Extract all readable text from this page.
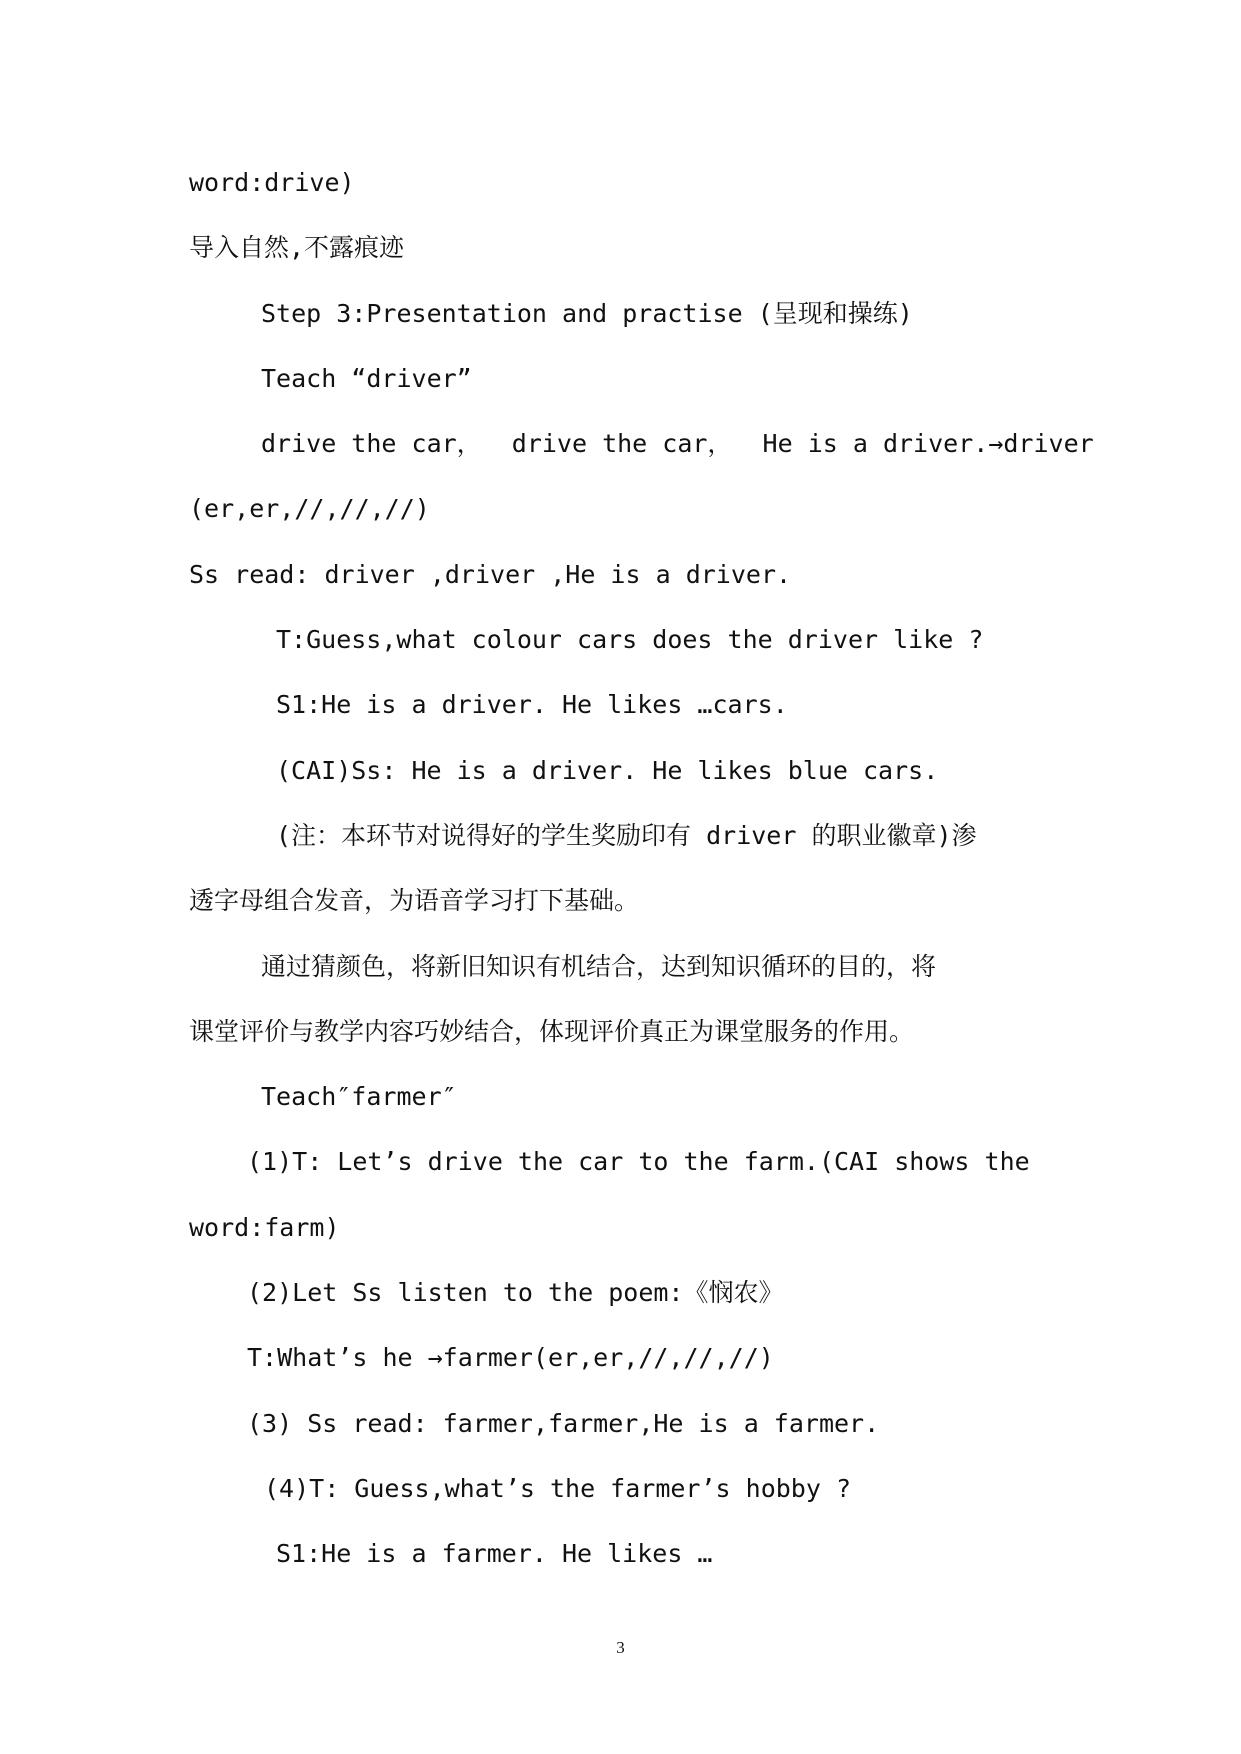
word:drive)
导入自然,不露痕迹
Step 3:Presentation and practise (呈现和操练)
Teach “driver”
drive the car，  drive the car，  He is a driver.→driver
(er,er,//,//,//)
Ss read: driver ,driver ,He is a driver.
T:Guess,what colour cars does the driver like ?
S1:He is a driver. He likes …cars.
(CAI)Ss: He is a driver. He likes blue cars.
(注：本环节对说得好的学生奖励印有 driver 的职业徽章)渗
透字母组合发音，为语音学习打下基础。
通过猜颜色，将新旧知识有机结合，达到知识循环的目的，将
课堂评价与教学内容巧妙结合，体现评价真正为课堂服务的作用。
Teach″farmer″
(1)T: Let’s drive the car to the farm.(CAI shows the
word:farm)
(2)Let Ss listen to the poem:《悯农》
T:What’s he →farmer(er,er,//,//,//)
(3) Ss read: farmer,farmer,He is a farmer.
(4)T: Guess,what’s the farmer’s hobby ?
S1:He is a farmer. He likes …
3
